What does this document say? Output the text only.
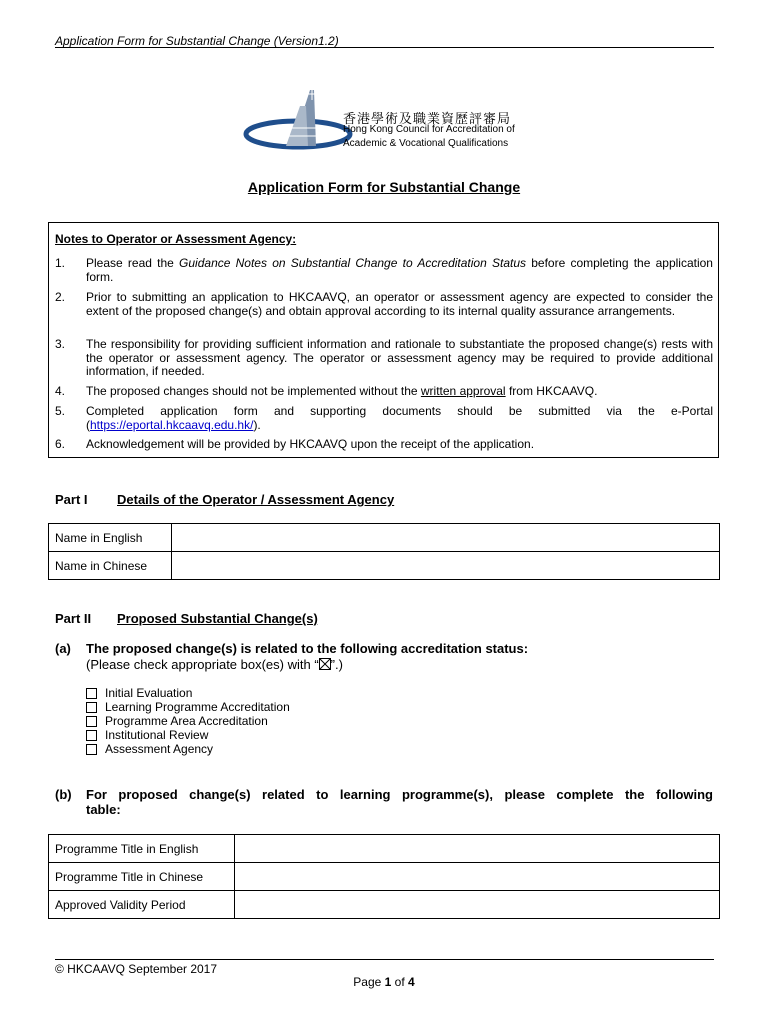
Application Form for Substantial Change (Version1.2)
香港學術及職業資歷評審局
Hong Kong Council for Accreditation of
Academic & Vocational Qualifications
Application Form for Substantial Change
Notes to Operator or Assessment Agency:
1. Please read the Guidance Notes on Substantial Change to Accreditation Status before completing the application form.
2. Prior to submitting an application to HKCAAVQ, an operator or assessment agency are expected to consider the extent of the proposed change(s) and obtain approval according to its internal quality assurance arrangements.
3. The responsibility for providing sufficient information and rationale to substantiate the proposed change(s) rests with the operator or assessment agency. The operator or assessment agency may be required to provide additional information, if needed.
4. The proposed changes should not be implemented without the written approval from HKCAAVQ.
5. Completed application form and supporting documents should be submitted via the e-Portal (https://eportal.hkcaavq.edu.hk/).
6. Acknowledgement will be provided by HKCAAVQ upon the receipt of the application.
Part I Details of the Operator / Assessment Agency
Name in English	
Name in Chinese	
Part II Proposed Substantial Change(s)
(a) The proposed change(s) is related to the following accreditation status:
(Please check appropriate box(es) with “ ”.)
Initial Evaluation
Learning Programme Accreditation
Programme Area Accreditation
Institutional Review
Assessment Agency
(b) For proposed change(s) related to learning programme(s), please complete the following
table:
Programme Title in English	
Programme Title in Chinese	
Approved Validity Period	
© HKCAAVQ September 2017
Page 1 of 4
